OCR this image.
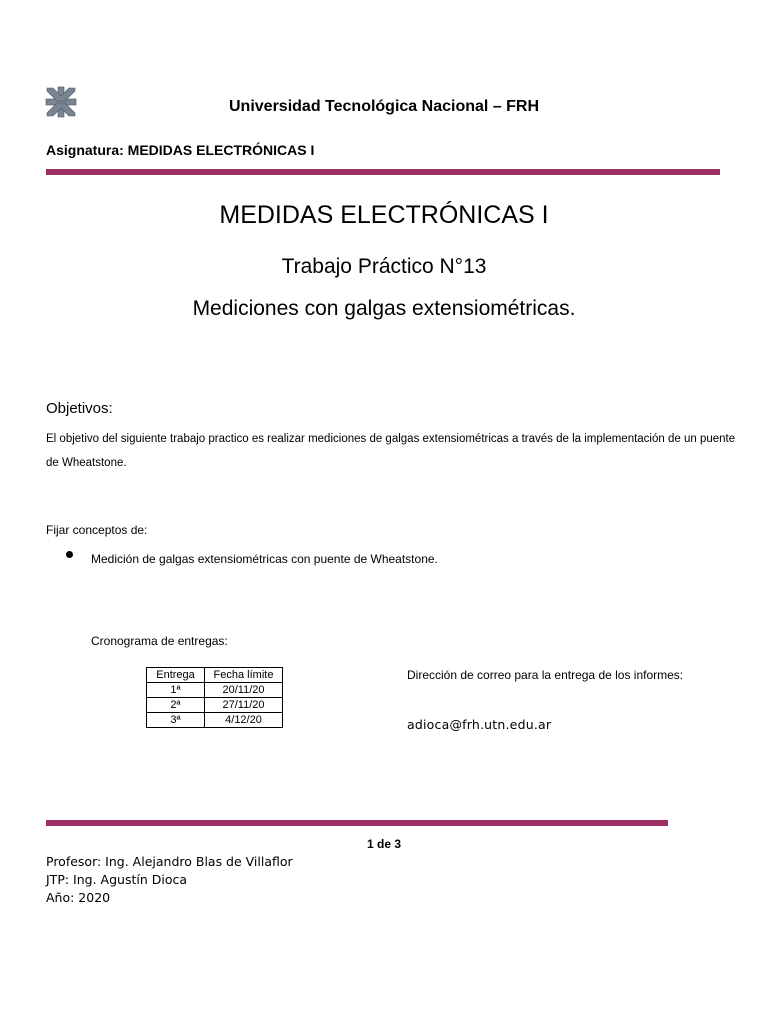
Universidad Tecnológica Nacional – FRH
Asignatura: MEDIDAS ELECTRÓNICAS I
MEDIDAS ELECTRÓNICAS I
Trabajo Práctico N°13
Mediciones con galgas extensiométricas.
Objetivos:
El objetivo del siguiente trabajo practico es realizar mediciones de galgas extensiométricas a través de la implementación de un puente de Wheatstone.
Fijar conceptos de:
Medición de galgas extensiométricas con puente de Wheatstone.
Cronograma de entregas:
Entrega	Fecha límite
1ª	20/11/20
2ª	27/11/20
3ª	4/12/20
Dirección de correo para la entrega de los informes:
adioca@frh.utn.edu.ar
1 de 3
Profesor: Ing. Alejandro Blas de Villaflor
JTP: Ing. Agustín Dioca
Año: 2020
